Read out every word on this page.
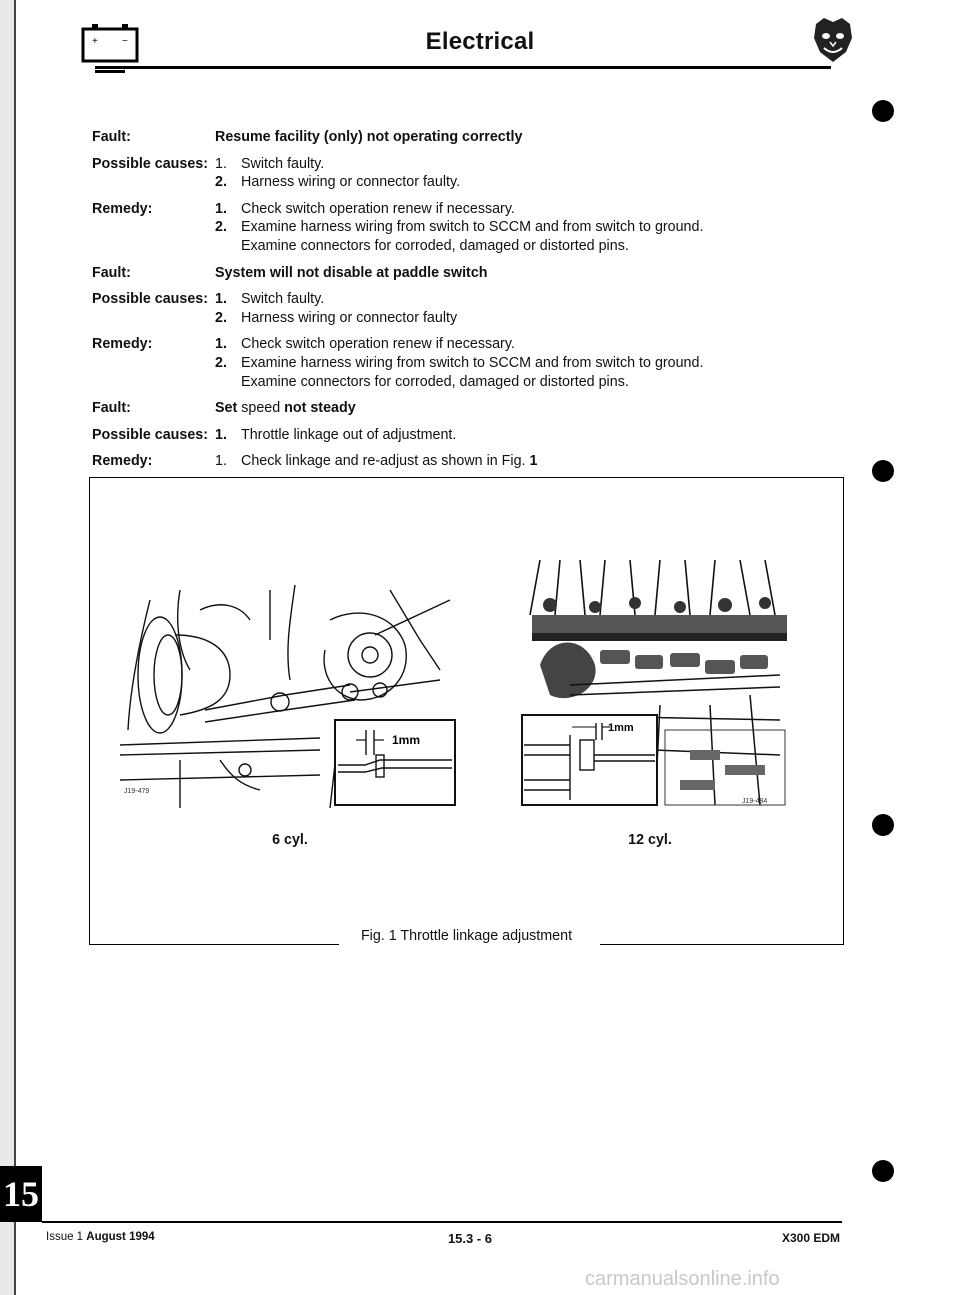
+ −	Electrical
Fault:	Resume facility (only) not operating correctly
Possible causes: 1. Switch faulty.
2. Harness wiring or connector faulty.
Remedy:	1. Check switch operation renew if necessary.
2. Examine harness wiring from switch to SCCM and from switch to ground.
Examine connectors for corroded, damaged or distorted pins.
Fault:	System will not disable at paddle switch
Possible causes: 1. Switch faulty.
2. Harness wiring or connector faulty
Remedy:	1. Check switch operation renew if necessary.
2. Examine harness wiring from switch to SCCM and from switch to ground.
Examine connectors for corroded, damaged or distorted pins.
Fault:	Set speed not steady
Possible causes: 1. Throttle linkage out of adjustment.
Remedy:	1. Check linkage and re-adjust as shown in Fig. 1
1mm
J19-479
1mm
J19-484
6 cyl.	12 cyl.
Fig. 1 Throttle linkage adjustment
15
Issue 1 August 1994	15.3 - 6	X300 EDM
carmanualsonline.info
